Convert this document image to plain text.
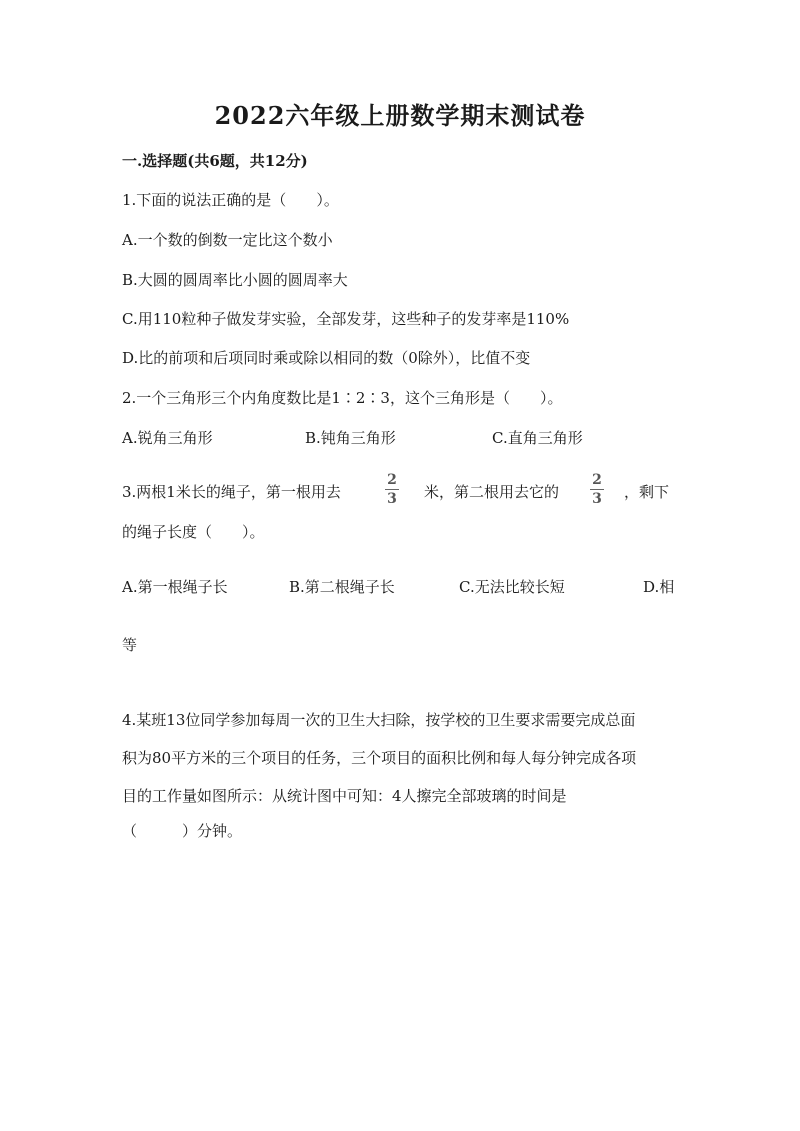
2022六年级上册数学期末测试卷
一.选择题(共6题，共12分)
1.下面的说法正确的是（　　）。
A.一个数的倒数一定比这个数小
B.大圆的圆周率比小圆的圆周率大
C.用110粒种子做发芽实验，全部发芽，这些种子的发芽率是110%
D.比的前项和后项同时乘或除以相同的数（0除外），比值不变
2.一个三角形三个内角度数比是1∶2∶3，这个三角形是（　　）。
A.锐角三角形	B.钝角三角形	C.直角三角形
3.两根1米长的绳子，第一根用去
2
3 米，第二根用去它的
2
3 ，剩下
的绳子长度（　　）。
A.第一根绳子长	B.第二根绳子长	C.无法比较长短	D.相
等
4.某班13位同学参加每周一次的卫生大扫除，按学校的卫生要求需要完成总面
积为80平方米的三个项目的任务，三个项目的面积比例和每人每分钟完成各项
目的工作量如图所示：从统计图中可知：4人擦完全部玻璃的时间是
（　　　）分钟。
